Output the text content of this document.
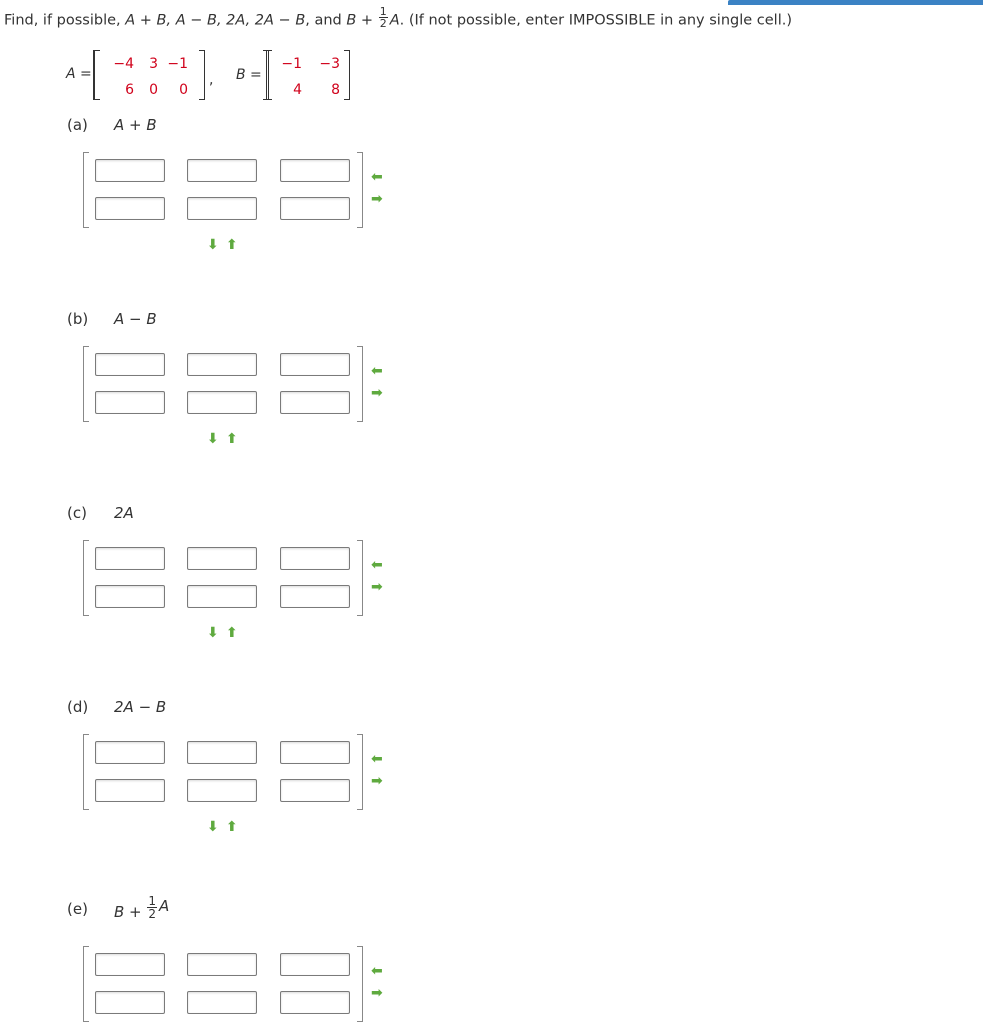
Find, if possible, A + B, A − B, 2A, 2A − B, and $B + \frac{1}{2} A$. (If not possible, enter IMPOSSIBLE in any single cell.)
A =
−4 3 −1
6 0	0
, B =
−1	−3
4	8
(a) A + B
⬅
➡
⬇ ⬆
(b) A − B
⬅
➡
⬇ ⬆
(c) 2A
⬅
➡
⬇ ⬆
(d) 2A − B
⬅
➡
⬇ ⬆
(e) $B + \frac{1}{2}$ A
⬅
➡
